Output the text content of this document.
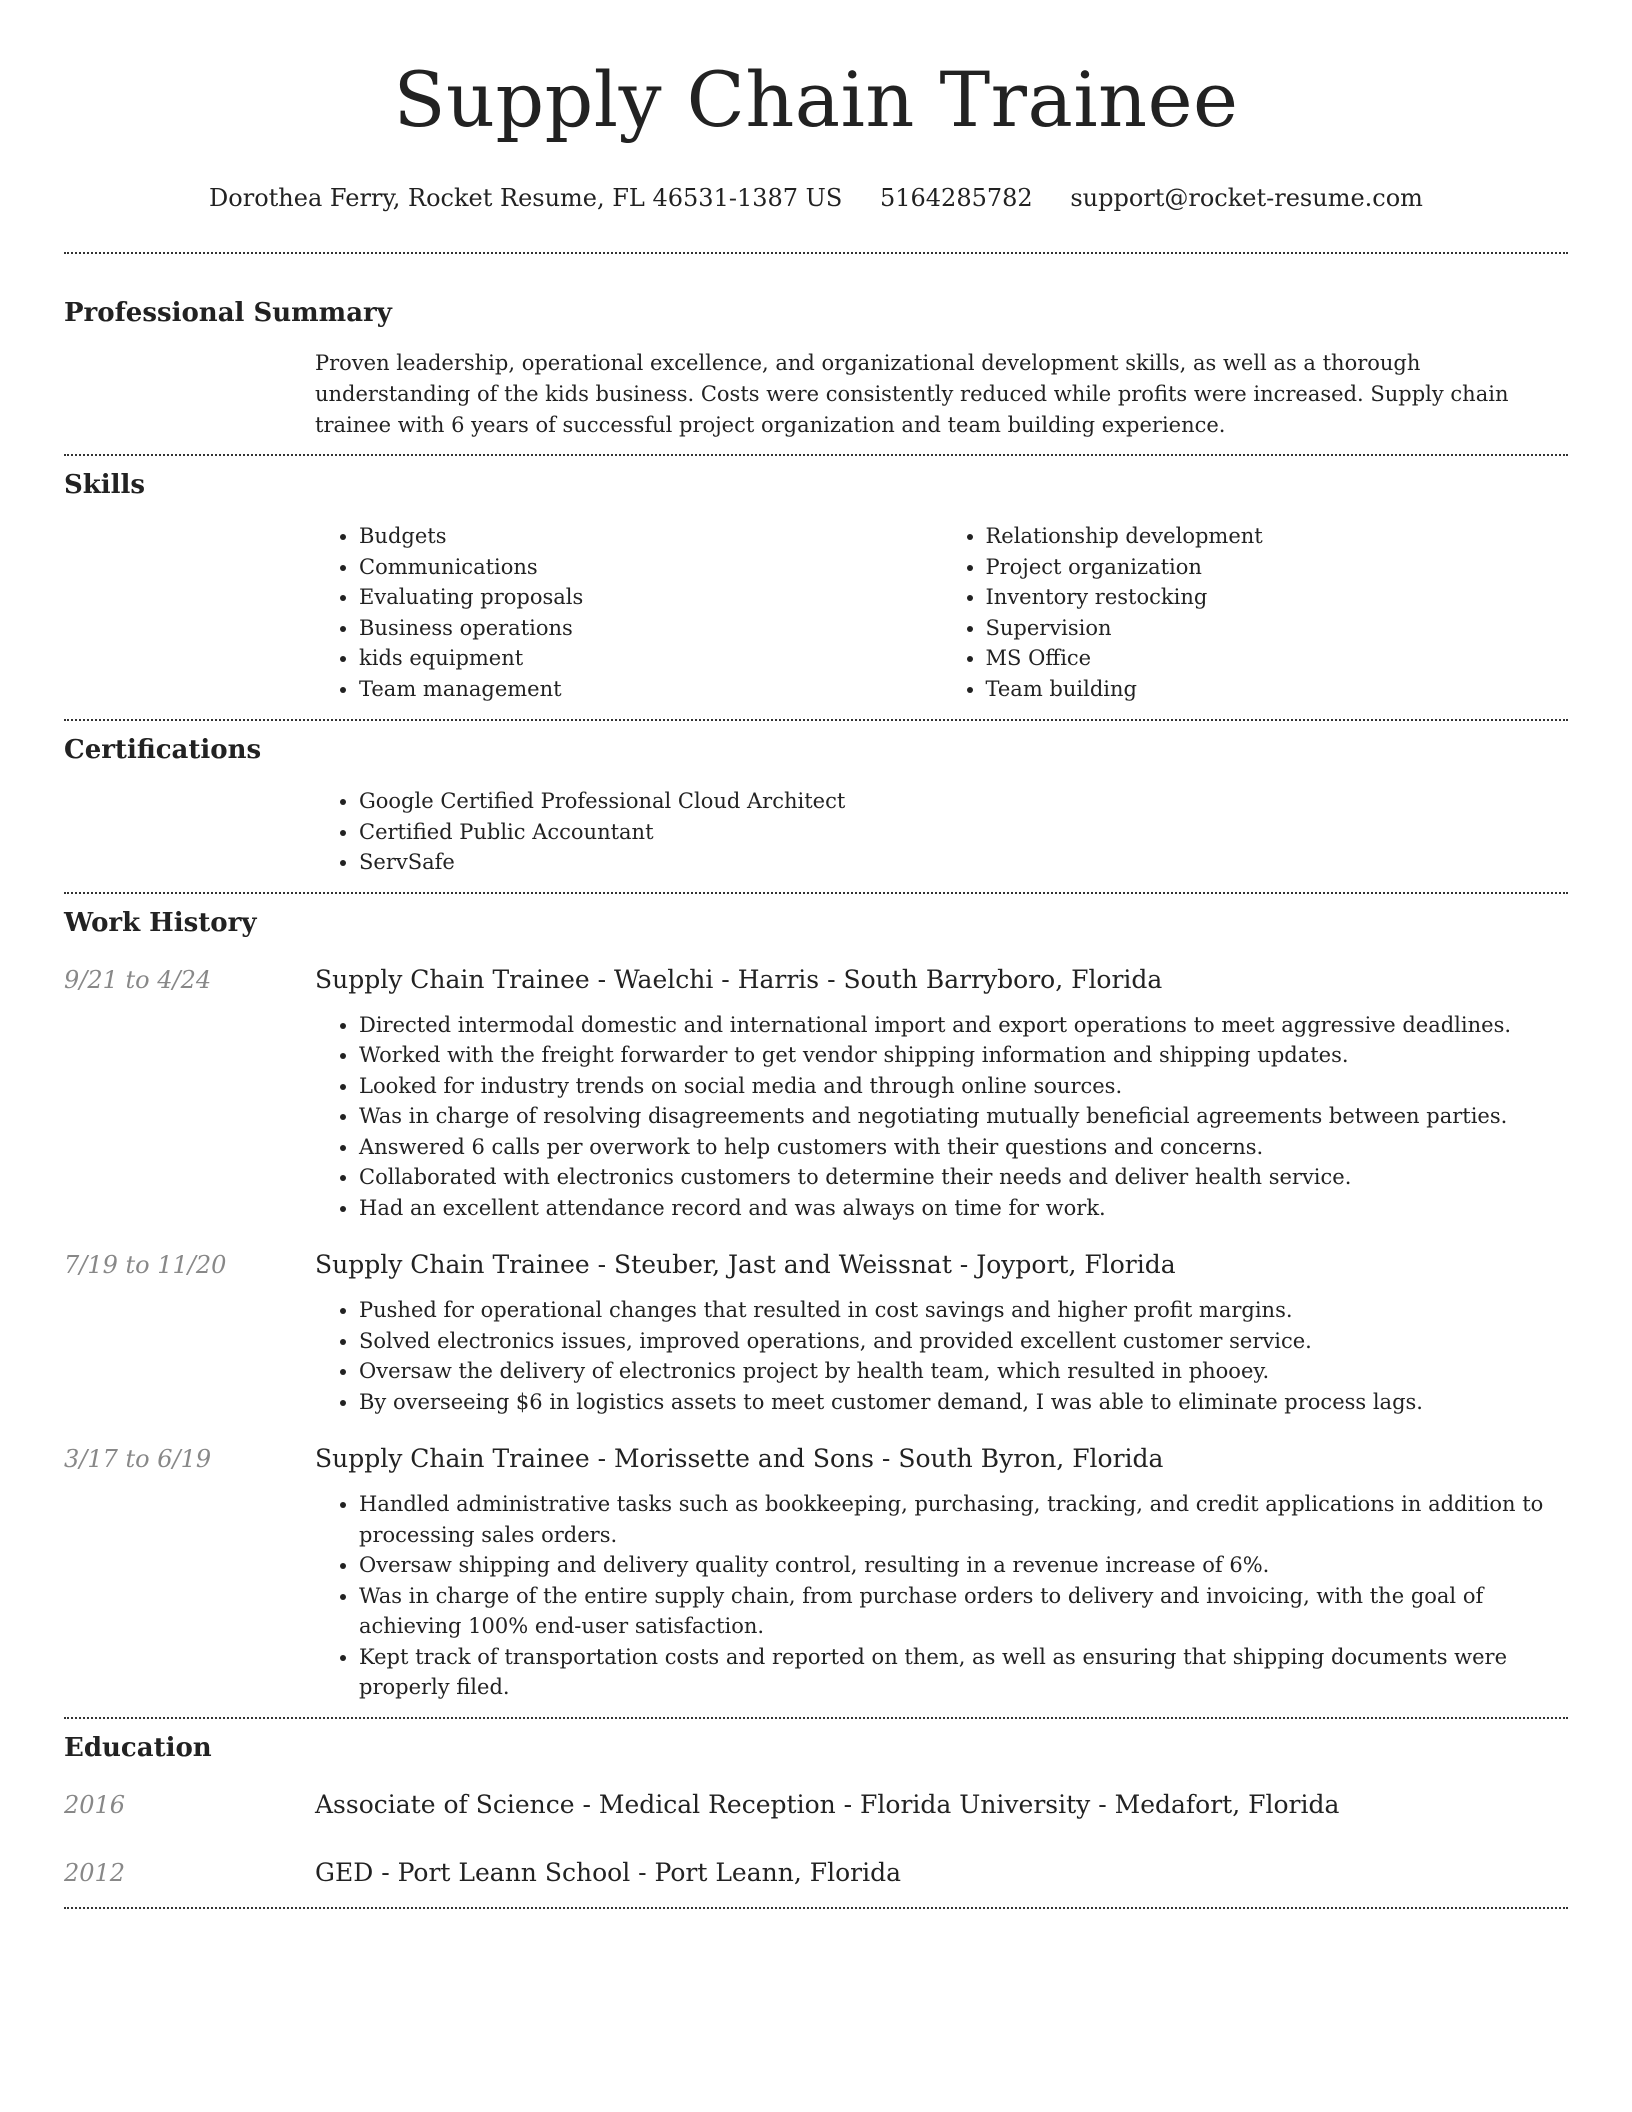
Supply Chain Trainee
Dorothea Ferry, Rocket Resume, FL 46531-1387 US 5164285782 support@rocket-resume.com
Professional Summary

Proven leadership, operational excellence, and organizational development skills, as well as a thorough understanding of the kids business. Costs were consistently reduced while profits were increased. Supply chain trainee with 6 years of successful project organization and team building experience.

Skills
• Budgets
• Communications
• Evaluating proposals
• Business operations
• kids equipment
• Team management
• Relationship development
• Project organization
• Inventory restocking
• Supervision
• MS Office
• Team building
Certifications
• Google Certified Professional Cloud Architect
• Certified Public Accountant
• ServSafe
Work History
9/21 to 4/24	Supply Chain Trainee - Waelchi - Harris - South Barryboro, Florida
• Directed intermodal domestic and international import and export operations to meet aggressive deadlines.
• Worked with the freight forwarder to get vendor shipping information and shipping updates.
• Looked for industry trends on social media and through online sources.
• Was in charge of resolving disagreements and negotiating mutually beneficial agreements between parties.
• Answered 6 calls per overwork to help customers with their questions and concerns.
• Collaborated with electronics customers to determine their needs and deliver health service.
• Had an excellent attendance record and was always on time for work.
7/19 to 11/20	Supply Chain Trainee - Steuber, Jast and Weissnat - Joyport, Florida
• Pushed for operational changes that resulted in cost savings and higher profit margins.
• Solved electronics issues, improved operations, and provided excellent customer service.
• Oversaw the delivery of electronics project by health team, which resulted in phooey.
• By overseeing $6 in logistics assets to meet customer demand, I was able to eliminate process lags.
3/17 to 6/19	Supply Chain Trainee - Morissette and Sons - South Byron, Florida
• Handled administrative tasks such as bookkeeping, purchasing, tracking, and credit applications in addition to processing sales orders.
• Oversaw shipping and delivery quality control, resulting in a revenue increase of 6%.
• Was in charge of the entire supply chain, from purchase orders to delivery and invoicing, with the goal of achieving 100% end-user satisfaction.
• Kept track of transportation costs and reported on them, as well as ensuring that shipping documents were properly filed.
Education
2016	Associate of Science - Medical Reception - Florida University - Medafort, Florida
2012	GED - Port Leann School - Port Leann, Florida
